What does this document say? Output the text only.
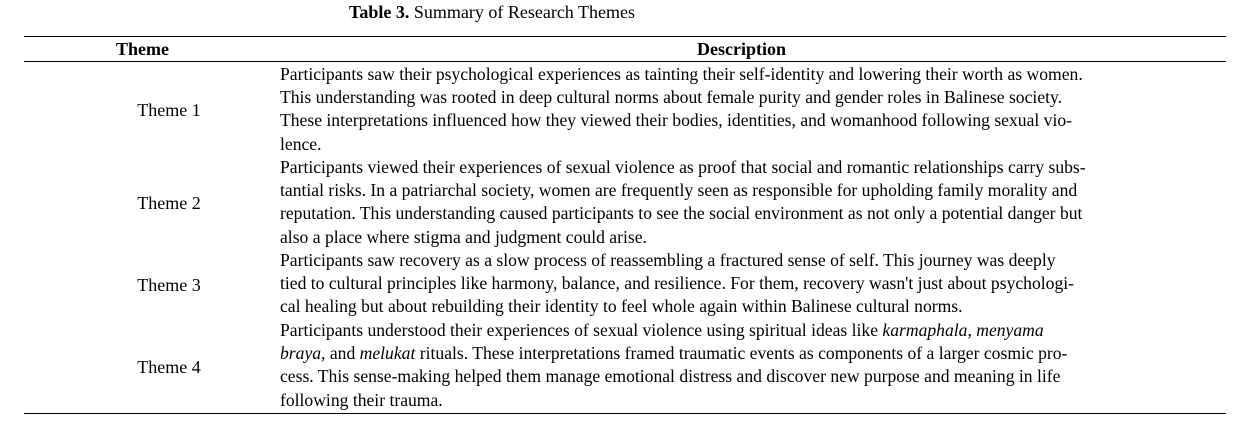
Table 3. Summary of Research Themes
Theme	Description
Theme 1
Participants saw their psychological experiences as tainting their self-identity and lowering their worth as women.
This understanding was rooted in deep cultural norms about female purity and gender roles in Balinese society.
These interpretations influenced how they viewed their bodies, identities, and womanhood following sexual vio-
lence.
Theme 2
Participants viewed their experiences of sexual violence as proof that social and romantic relationships carry subs-
tantial risks. In a patriarchal society, women are frequently seen as responsible for upholding family morality and
reputation. This understanding caused participants to see the social environment as not only a potential danger but
also a place where stigma and judgment could arise.
Theme 3
Participants saw recovery as a slow process of reassembling a fractured sense of self. This journey was deeply
tied to cultural principles like harmony, balance, and resilience. For them, recovery wasn't just about psychologi-
cal healing but about rebuilding their identity to feel whole again within Balinese cultural norms.
Theme 4
Participants understood their experiences of sexual violence using spiritual ideas like karmaphala, menyama
braya, and melukat rituals. These interpretations framed traumatic events as components of a larger cosmic pro-
cess. This sense-making helped them manage emotional distress and discover new purpose and meaning in life
following their trauma.
